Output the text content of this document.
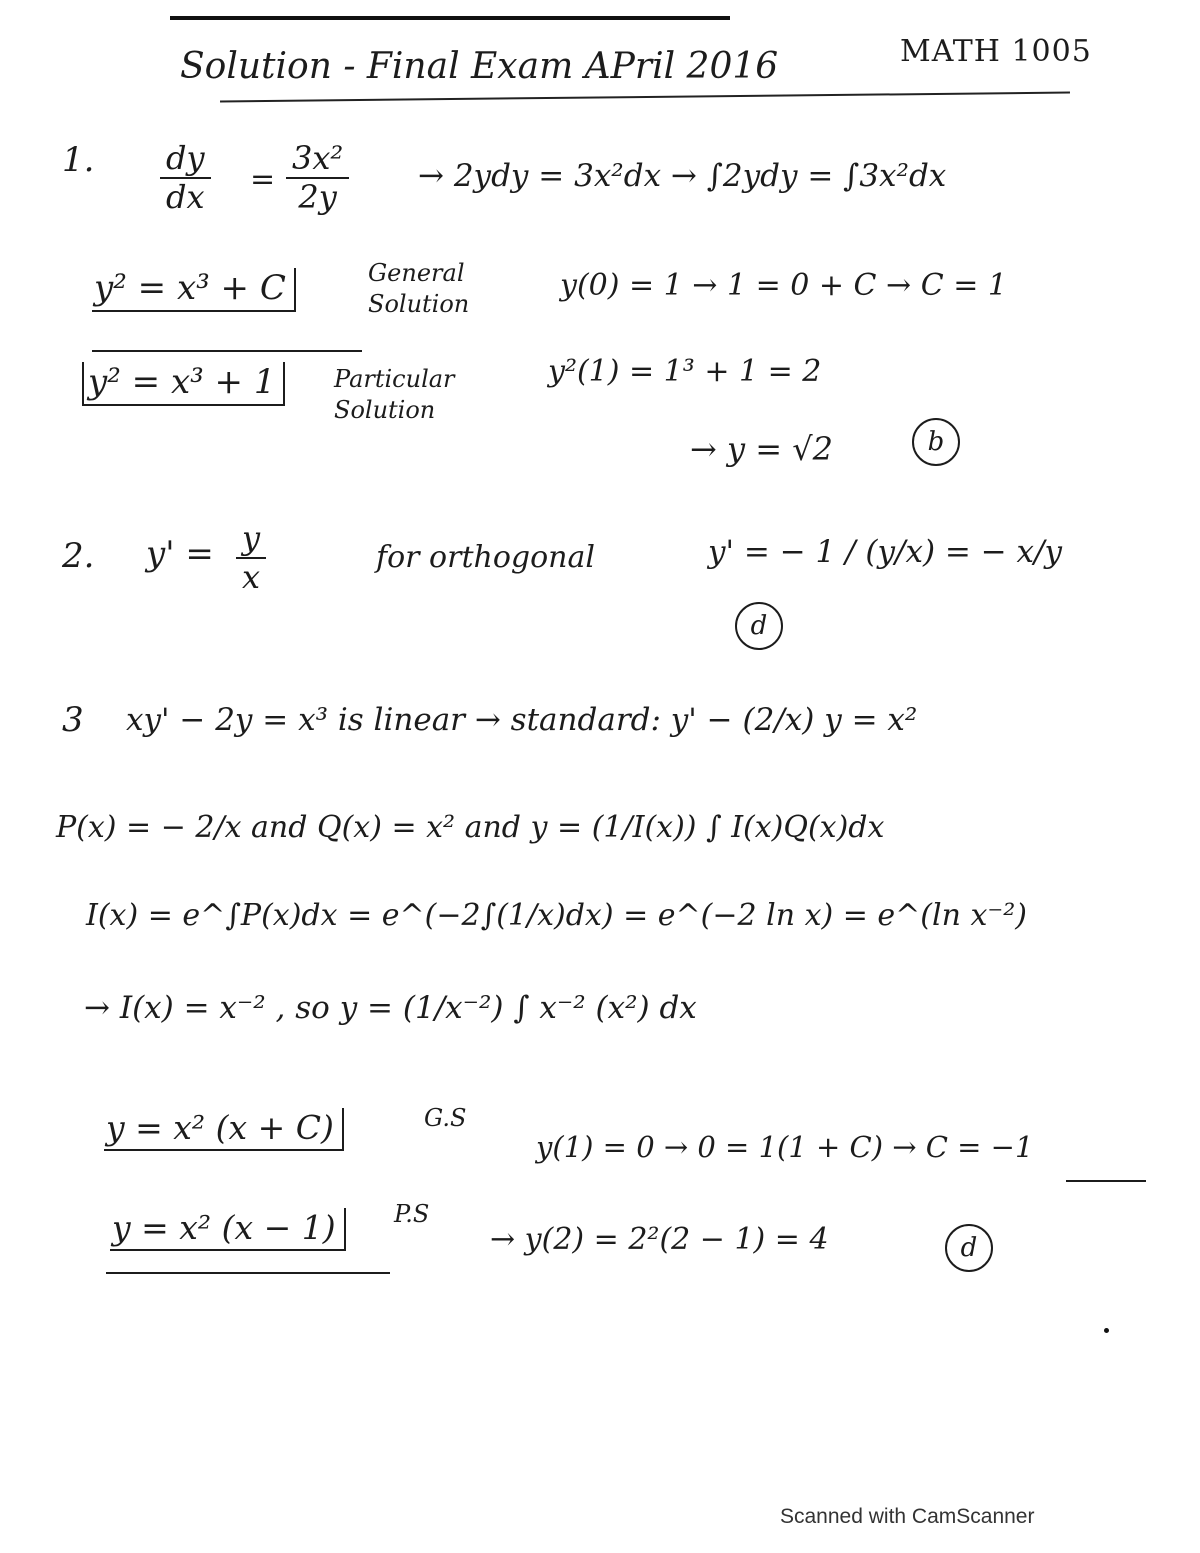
Solution - Final Exam APril 2016	MATH 1005
1. $\frac{dy}{dx} = \frac{\text{3x²}}{2y} \to 2ydy = 3x^2dx \to \int 2ydy = \int 3x^2dx$
y² = x³ + C	General Solution
y(0) = 1 → 1 = 0 + C → C = 1
y² = x³ + 1	Particular Solution
y²(1) = 1³ + 1 = 2
→ y = √2	b
2. $y' = \frac{y}{x}$	for orthogonal	y' = − 1 / (y/x) = − x/y
d
3 xy' − 2y = x³ is linear → standard: y' − (2/x) y = x²
P(x) = − 2/x and Q(x) = x² and y = (1/I(x)) ∫ I(x)Q(x)dx
I(x) = e^∫P(x)dx = e^(−2∫(1/x)dx) = e^(−2 ln x) = e^(ln x⁻²)
→ I(x) = x⁻² , so y = (1/x⁻²) ∫ x⁻² (x²) dx
y = x² (x + C)	G.S
y(1) = 0 → 0 = 1(1 + C) → C = −1
y = x² (x − 1)	P.S
→ y(2) = 2²(2 − 1) = 4	d
Scanned with CamScanner
